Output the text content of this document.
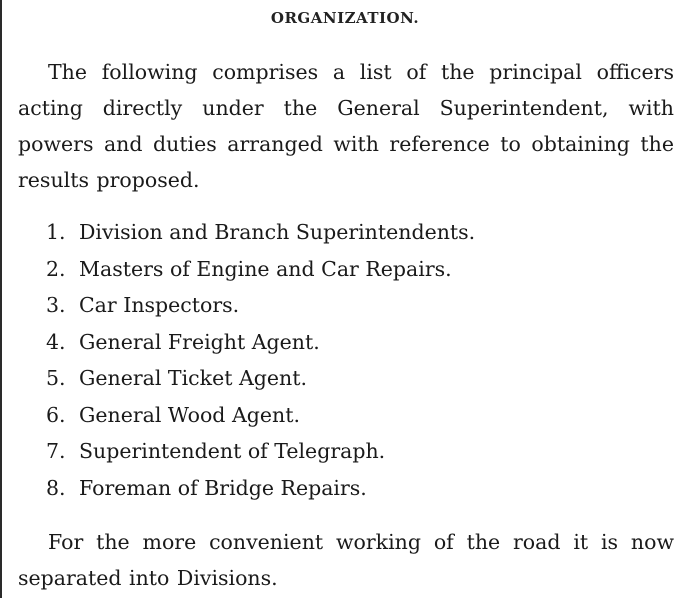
ORGANIZATION.

The following comprises a list of the principal officers acting directly under the General Superintendent, with powers and duties arranged with reference to obtaining the results proposed.

1. Division and Branch Superintendents.
2. Masters of Engine and Car Repairs.
3. Car Inspectors.
4. General Freight Agent.
5. General Ticket Agent.
6. General Wood Agent.
7. Superintendent of Telegraph.
8. Foreman of Bridge Repairs.

For the more convenient working of the road it is now separated into Divisions.
